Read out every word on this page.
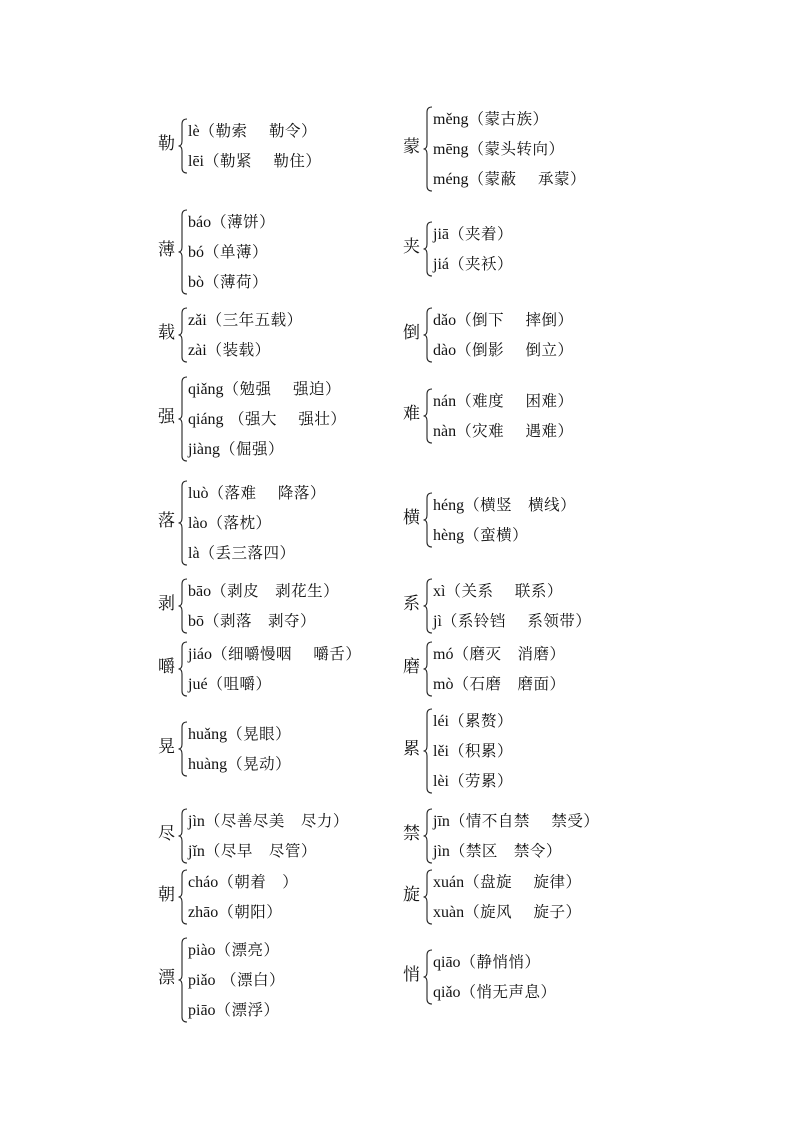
勒
lè（勒索　 勒令）
lēi（勒紧　 勒住）
蒙
měng（蒙古族）
mēng（蒙头转向）
méng（蒙蔽　 承蒙）
薄
báo（薄饼）
bó（单薄）
bò（薄荷）
夹
jiā（夹着）
jiá（夹袄）
载
zǎi（三年五载）
zài（装载）
倒
dǎo（倒下　 摔倒）
dào（倒影　 倒立）
强
qiǎng（勉强　 强迫）
qiáng （强大　 强壮）
jiàng（倔强）
难
nán（难度　 困难）
nàn（灾难　 遇难）
落
luò（落难　 降落）
lào（落枕）
là（丢三落四）
横
héng（横竖　横线）
hèng（蛮横）
剥
bāo（剥皮　剥花生）
bō（剥落　剥夺）
系
xì（关系　 联系）
jì（系铃铛　 系领带）
嚼
jiáo（细嚼慢咽　 嚼舌）
jué（咀嚼）
磨
mó（磨灭　消磨）
mò（石磨　磨面）
晃
huǎng（晃眼）
huàng（晃动）
累
léi（累赘）
lěi（积累）
lèi（劳累）
尽
jìn（尽善尽美　尽力）
jǐn（尽早　尽管）
禁
jīn（情不自禁　 禁受）
jìn（禁区　禁令）
朝
cháo（朝着　）
zhāo（朝阳）
旋
xuán（盘旋　 旋律）
xuàn（旋风　 旋子）
漂
piào（漂亮）
piǎo （漂白）
piāo（漂浮）
悄
qiāo（静悄悄）
qiǎo（悄无声息）
